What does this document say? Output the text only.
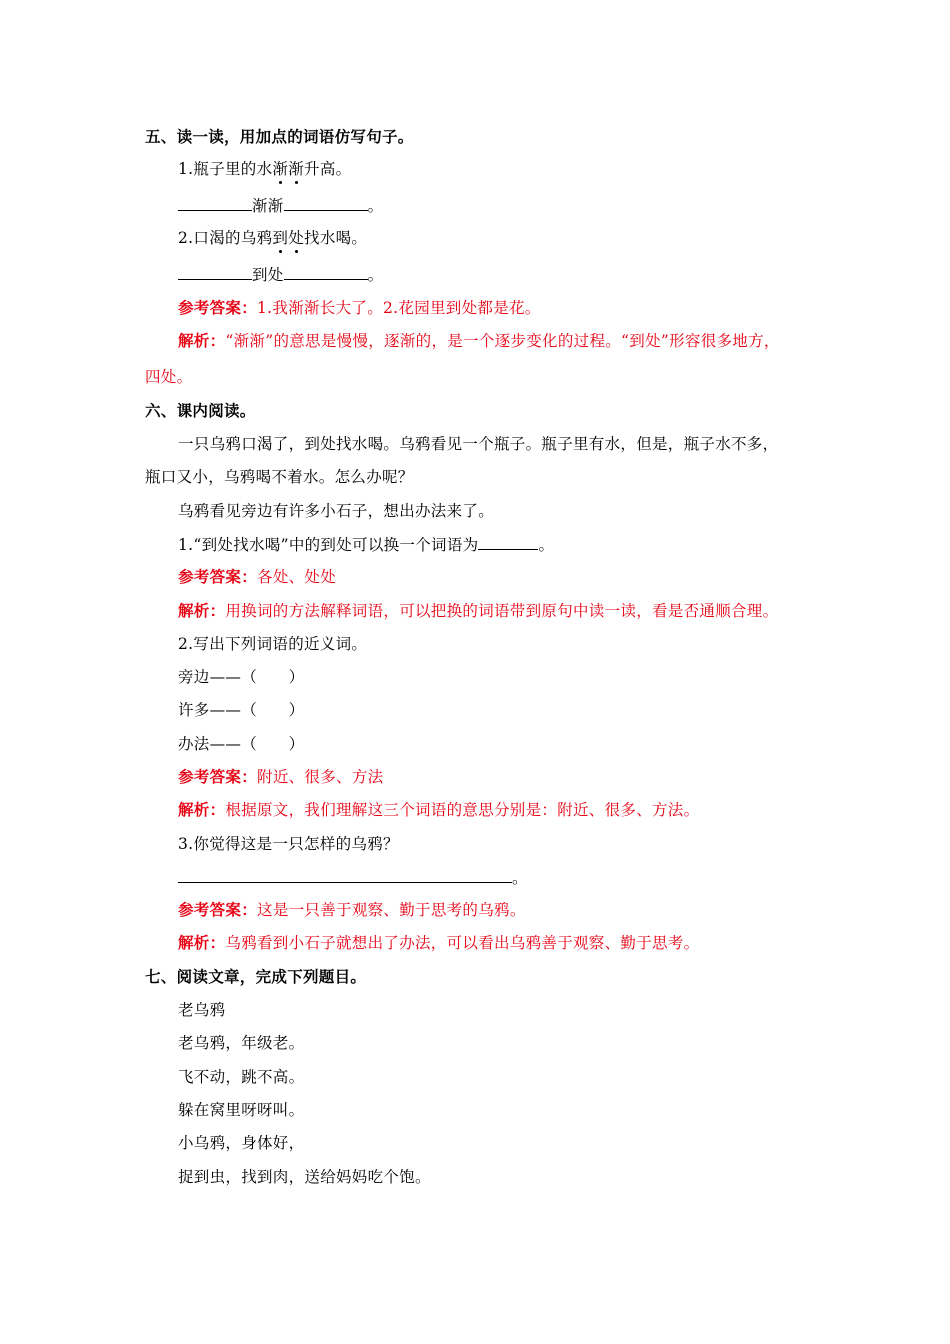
五、读一读，用加点的词语仿写句子。
1.瓶子里的水渐渐升高。
渐渐	。
2.口渴的乌鸦到处找水喝。
到处	。
参考答案：1.我渐渐长大了。2.花园里到处都是花。
解析：“渐渐”的意思是慢慢，逐渐的，是一个逐步变化的过程。“到处”形容很多地方，
四处。
六、课内阅读。
一只乌鸦口渴了，到处找水喝。乌鸦看见一个瓶子。瓶子里有水，但是，瓶子水不多，
瓶口又小，乌鸦喝不着水。怎么办呢？
乌鸦看见旁边有许多小石子，想出办法来了。
1.“到处找水喝”中的到处可以换一个词语为	。
参考答案：各处、处处
解析：用换词的方法解释词语，可以把换的词语带到原句中读一读，看是否通顺合理。
2.写出下列词语的近义词。
旁边——（　　）
许多——（　　）
办法——（　　）
参考答案：附近、很多、方法
解析：根据原文，我们理解这三个词语的意思分别是：附近、很多、方法。
3.你觉得这是一只怎样的乌鸦？
。
参考答案：这是一只善于观察、勤于思考的乌鸦。
解析：乌鸦看到小石子就想出了办法，可以看出乌鸦善于观察、勤于思考。
七、阅读文章，完成下列题目。
老乌鸦
老乌鸦，年级老。
飞不动，跳不高。
躲在窝里呀呀叫。
小乌鸦，身体好，
捉到虫，找到肉，送给妈妈吃个饱。
